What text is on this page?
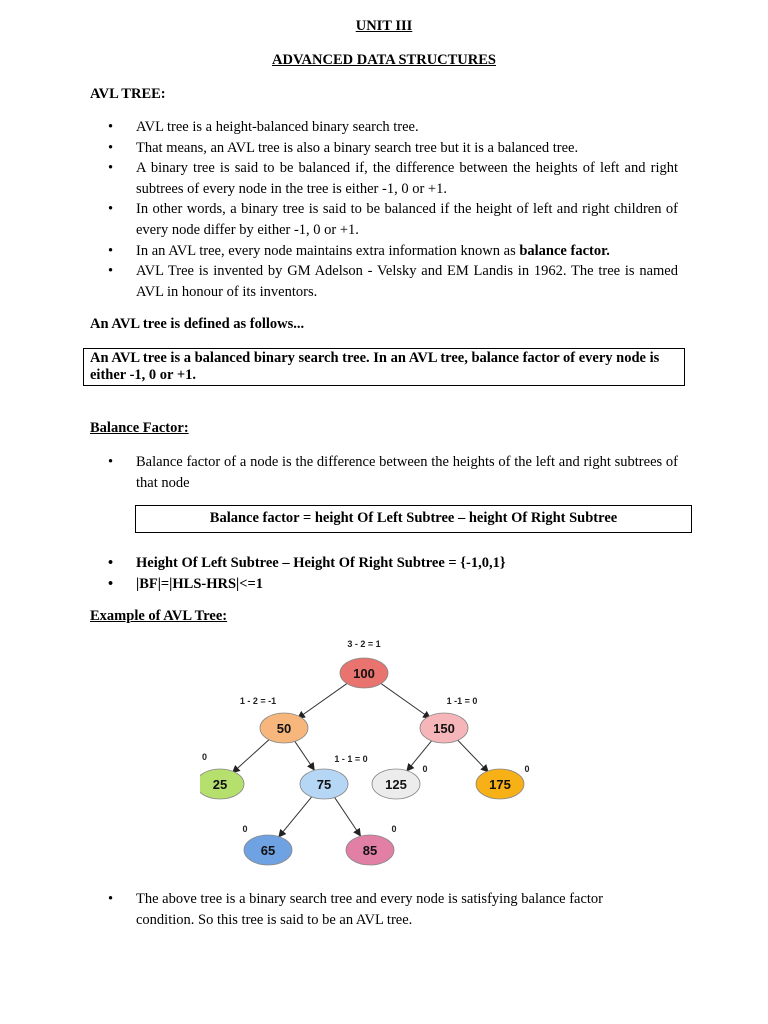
UNIT III
ADVANCED DATA STRUCTURES
AVL TREE:
• AVL tree is a height-balanced binary search tree.
• That means, an AVL tree is also a binary search tree but it is a balanced tree.
• A binary tree is said to be balanced if, the difference between the heights of left and right subtrees of every node in the tree is either -1, 0 or +1.
• In other words, a binary tree is said to be balanced if the height of left and right children of every node differ by either -1, 0 or +1.
• In an AVL tree, every node maintains extra information known as balance factor.
• AVL Tree is invented by GM Adelson - Velsky and EM Landis in 1962. The tree is named AVL in honour of its inventors.
An AVL tree is defined as follows...
An AVL tree is a balanced binary search tree. In an AVL tree, balance factor of every node is either -1, 0 or +1.
Balance Factor:
• Balance factor of a node is the difference between the heights of the left and right subtrees of that node
Balance factor = height Of Left Subtree – height Of Right Subtree
• Height Of Left Subtree – Height Of Right Subtree = {-1,0,1}
• |BF|=|HLS-HRS|<=1
Example of AVL Tree:
100
50	150
25	75	125	175
65	85
3 - 2 = 1
1 - 2 = -1	1 -1 = 0
0	1 - 1 = 0
0	0
0	0
• The above tree is a binary search tree and every node is satisfying balance factor condition. So this tree is said to be an AVL tree.
